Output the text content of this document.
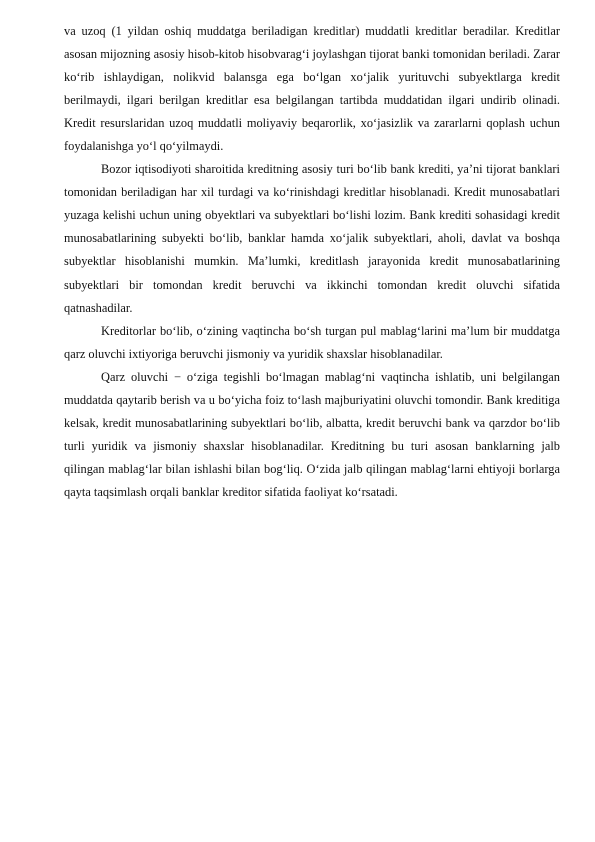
va uzoq (1 yildan oshiq muddatga beriladigan kreditlar) muddatli kreditlar beradilar. Kreditlar asosan mijozning asosiy hisob-kitob hisobvarag‘i joylashgan tijorat banki tomonidan beriladi. Zarar ko‘rib ishlaydigan, nolikvid balansga ega bo‘lgan xo‘jalik yurituvchi subyektlarga kredit berilmaydi, ilgari berilgan kreditlar esa belgilangan tartibda muddatidan ilgari undirib olinadi. Kredit resurslaridan uzoq muddatli moliyaviy beqarorlik, xo‘jasizlik va zararlarni qoplash uchun foydalanishga yo‘l qo‘yilmaydi.

Bozor iqtisodiyoti sharoitida kreditning asosiy turi bo‘lib bank krediti, ya’ni tijorat banklari tomonidan beriladigan har xil turdagi va ko‘rinishdagi kreditlar hisoblanadi. Kredit munosabatlari yuzaga kelishi uchun uning obyektlari va subyektlari bo‘lishi lozim. Bank krediti sohasidagi kredit munosabatlarining subyekti bo‘lib, banklar hamda xo‘jalik subyektlari, aholi, davlat va boshqa subyektlar hisoblanishi mumkin. Ma’lumki, kreditlash jarayonida kredit munosabatlarining subyektlari bir tomondan kredit beruvchi va ikkinchi tomondan kredit oluvchi sifatida qatnashadilar.

Kreditorlar bo‘lib, o‘zining vaqtincha bo‘sh turgan pul mablag‘larini ma’lum bir muddatga qarz oluvchi ixtiyoriga beruvchi jismoniy va yuridik shaxslar hisoblanadilar.

Qarz oluvchi − o‘ziga tegishli bo‘lmagan mablag‘ni vaqtincha ishlatib, uni belgilangan muddatda qaytarib berish va u bo‘yicha foiz to‘lash majburiyatini oluvchi tomondir. Bank kreditiga kelsak, kredit munosabatlarining subyektlari bo‘lib, albatta, kredit beruvchi bank va qarzdor bo‘lib turli yuridik va jismoniy shaxslar hisoblanadilar. Kreditning bu turi asosan banklarning jalb qilingan mablag‘lar bilan ishlashi bilan bog‘liq. O‘zida jalb qilingan mablag‘larni ehtiyoji borlarga qayta taqsimlash orqali banklar kreditor sifatida faoliyat ko‘rsatadi.
